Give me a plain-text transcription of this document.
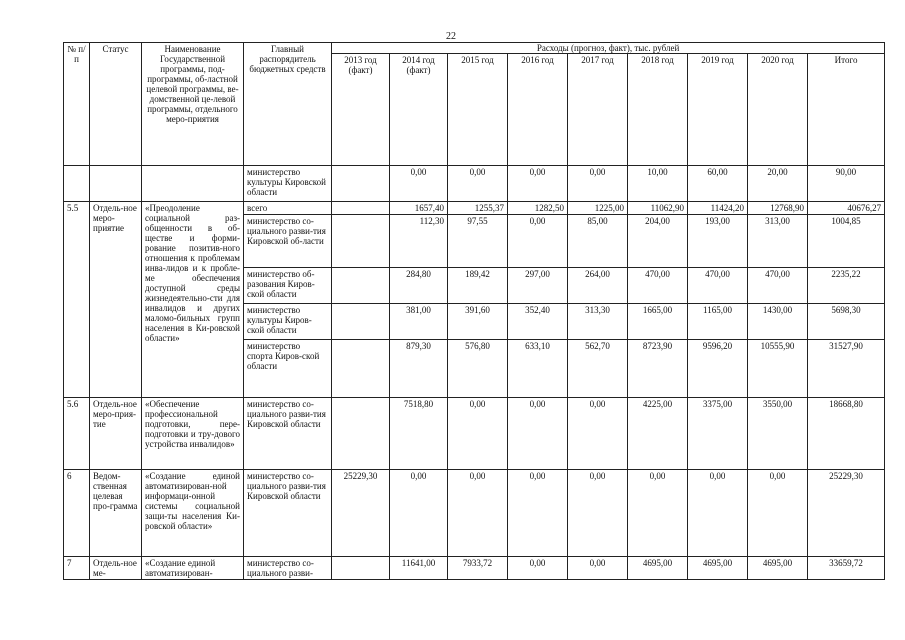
22
№ п/п	Статус	Наименование Государственной программы, под-программы, об-ластной целевой программы, ве-домственной це-левой программы, отдельного меро-приятия	Главный распорядитель бюджетных средств	Расходы (прогноз, факт), тыс. рублей								
				2013 год (факт)	2014 год (факт)	2015 год	2016 год	2017 год	2018 год	2019 год	2020 год	Итого
			министерство культуры Кировской области		0,00	0,00	0,00	0,00	10,00	60,00	20,00	90,00
5.5	Отдель-ное меро-приятие	«Преодоление социальной раз-общенности в об-ществе и форми-рование позитив-ного отношения к проблемам инва-лидов и к пробле-ме обеспечения доступной среды жизнедеятельно-сти для инвалидов и других маломо-бильных групп населения в Ки-ровской области»	всего		1657,40	1255,37	1282,50	1225,00	11062,90	11424,20	12768,90	40676,27
			министерство со-циального разви-тия Кировской об-ласти		112,30	97,55	0,00	85,00	204,00	193,00	313,00	1004,85
			министерство об-разования Киров-ской области		284,80	189,42	297,00	264,00	470,00	470,00	470,00	2235,22
			министерство культуры Киров-ской области		381,00	391,60	352,40	313,30	1665,00	1165,00	1430,00	5698,30
			министерство спорта Киров-ской области		879,30	576,80	633,10	562,70	8723,90	9596,20	10555,90	31527,90
5.6	Отдель-ное меро-прия-тие	«Обеспечение профессиональной подготовки, пере-подготовки и тру-дового устройства инвалидов»	министерство со-циального разви-тия Кировской области		7518,80	0,00	0,00	0,00	4225,00	3375,00	3550,00	18668,80
6	Ведом-ственная целевая про-грамма	«Создание единой автоматизирован-ной информаци-онной системы социальной защи-ты населения Ки-ровской области»	министерство со-циального разви-тия Кировской области	25229,30	0,00	0,00	0,00	0,00	0,00	0,00	0,00	25229,30
7	Отдель-ное ме-	«Создание единой автоматизирован-	министерство со-циального разви-		11641,00	7933,72	0,00	0,00	4695,00	4695,00	4695,00	33659,72
